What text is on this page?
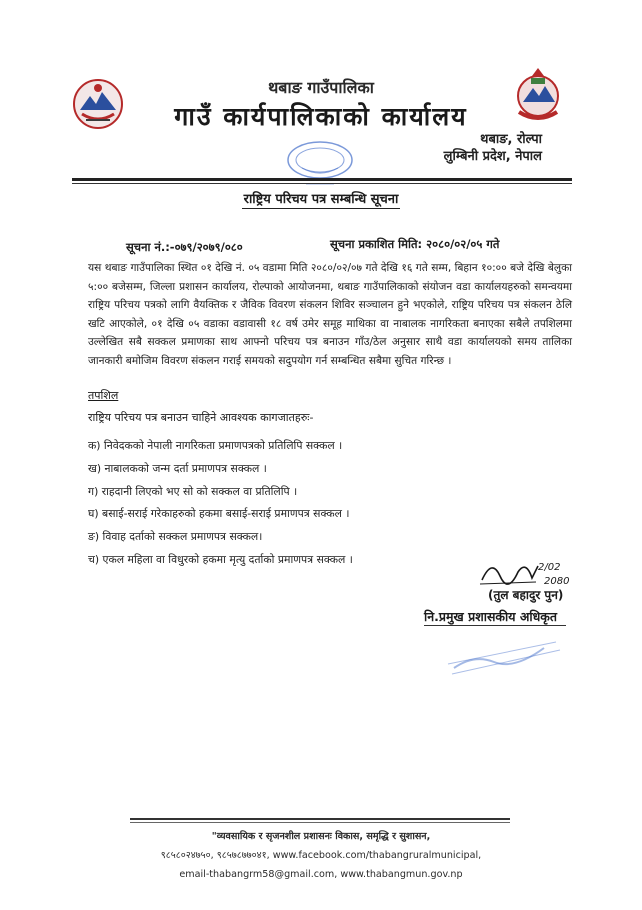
थबाङ गाउँपालिका
गाउँ कार्यपालिकाको कार्यालय
थबाङ, रोल्पा
लुम्बिनी प्रदेश, नेपाल
राष्ट्रिय परिचय पत्र सम्बन्धि सूचना
सूचना नं.:-०७९/२०७९/०८०	सूचना प्रकाशित मिति: २०८०/०२/०५ गते
यस थबाङ गाउँपालिका स्थित ०१ देखि नं. ०५ वडामा मिति २०८०/०२/०७ गते देखि १६ गते सम्म, बिहान १०:०० बजे देखि बेलुका ५:०० बजेसम्म, जिल्ला प्रशासन कार्यालय, रोल्पाको आयोजनमा, थबाङ गाउँपालिकाको संयोजन वडा कार्यालयहरुको समन्वयमा राष्ट्रिय परिचय पत्रको लागि वैयक्तिक र जैविक विवरण संकलन शिविर सञ्चालन हुने भएकोले, राष्ट्रिय परिचय पत्र संकलन ठेलि खटि आएकोले, ०१ देखि ०५ वडाका वडावासी १८ वर्ष उमेर समूह माथिका वा नाबालक नागरिकता बनाएका सबैले तपशिलमा उल्लेखित सबै सक्कल प्रमाणका साथ आफ्नो परिचय पत्र बनाउन गाँउ/ठेल अनुसार साथै वडा कार्यालयको समय तालिका जानकारी बमोजिम विवरण संकलन गराई समयको सदुपयोग गर्न सम्बन्धित सबैमा सुचित गरिन्छ ।
तपशिल
राष्ट्रिय परिचय पत्र बनाउन चाहिने आवश्यक कागजातहरुः-
क) निवेदकको नेपाली नागरिकता प्रमाणपत्रको प्रतिलिपि सक्कल ।
ख) नाबालकको जन्म दर्ता प्रमाणपत्र सक्कल ।
ग) राहदानी लिएको भए सो को सक्कल वा प्रतिलिपि ।
घ) बसाई-सराई गरेकाहरुको हकमा बसाई-सराई प्रमाणपत्र सक्कल ।
ङ) विवाह दर्ताको सक्कल प्रमाणपत्र सक्कल।
च) एकल महिला वा विधुरको हकमा मृत्यु दर्ताको प्रमाणपत्र सक्कल ।
2/02
2080
(तुल बहादुर पुन)
नि.प्रमुख प्रशासकीय अधिकृत
"व्यवसायिक र सृजनशील प्रशासनः विकास, समृद्धि र सुशासन,
९८५८०२४७५०, ९८५७८७७०४१, www.facebook.com/thabangruralmunicipal,
email-thabangrm58@gmail.com, www.thabangmun.gov.np
